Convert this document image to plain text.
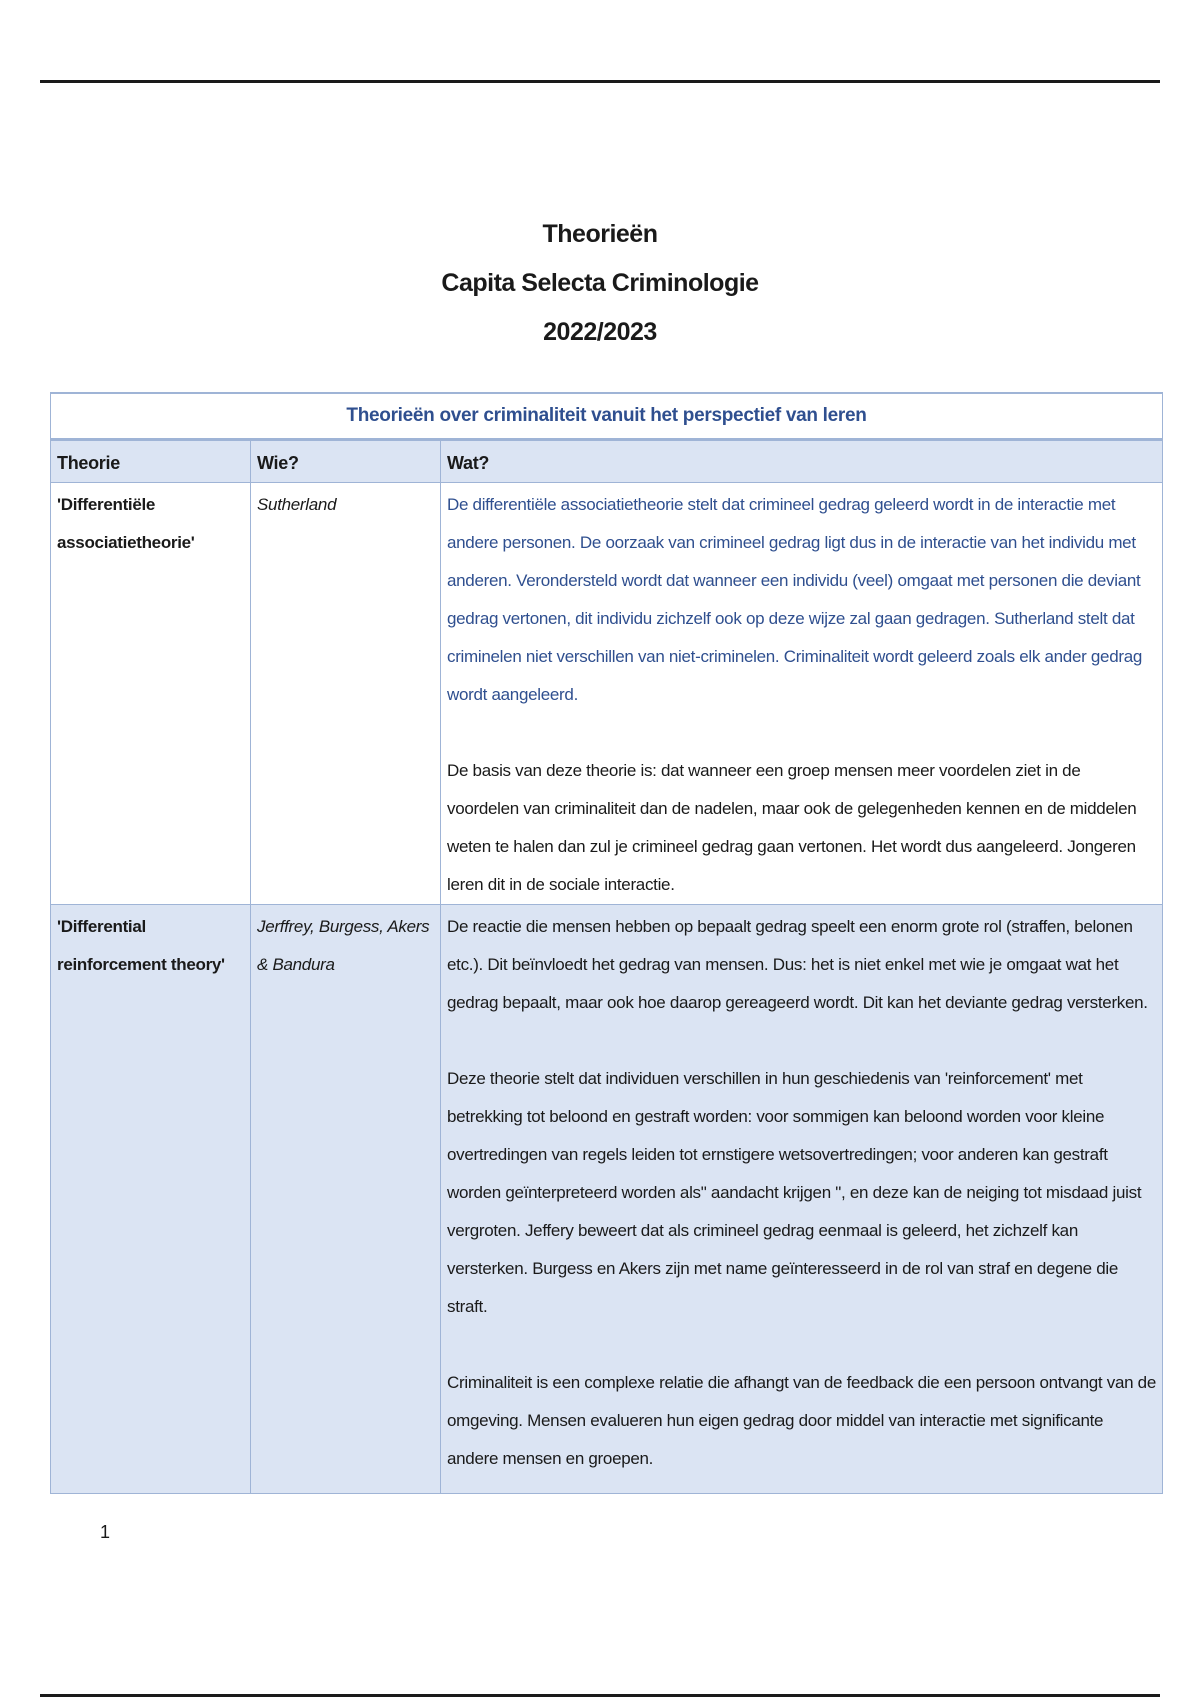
Theorieën
Capita Selecta Criminologie
2022/2023
Theorieën over criminaliteit vanuit het perspectief van leren		
Theorie	Wie?	Wat?
'Differentiële associatietheorie'	Sutherland	De differentiële associatietheorie stelt dat crimineel gedrag geleerd wordt in de interactie met andere personen. De oorzaak van crimineel gedrag ligt dus in de interactie van het individu met anderen. Verondersteld wordt dat wanneer een individu (veel) omgaat met personen die deviant gedrag vertonen, dit individu zichzelf ook op deze wijze zal gaan gedragen. Sutherland stelt dat criminelen niet verschillen van niet-criminelen. Criminaliteit wordt geleerd zoals elk ander gedrag wordt aangeleerd.

De basis van deze theorie is: dat wanneer een groep mensen meer voordelen ziet in de voordelen van criminaliteit dan de nadelen, maar ook de gelegenheden kennen en de middelen weten te halen dan zul je crimineel gedrag gaan vertonen. Het wordt dus aangeleerd. Jongeren leren dit in de sociale interactie.

'Differential reinforcement theory'	Jerffrey, Burgess, Akers & Bandura	De reactie die mensen hebben op bepaalt gedrag speelt een enorm grote rol (straffen, belonen etc.). Dit beïnvloedt het gedrag van mensen. Dus: het is niet enkel met wie je omgaat wat het gedrag bepaalt, maar ook hoe daarop gereageerd wordt. Dit kan het deviante gedrag versterken.

Deze theorie stelt dat individuen verschillen in hun geschiedenis van 'reinforcement' met betrekking tot beloond en gestraft worden: voor sommigen kan beloond worden voor kleine overtredingen van regels leiden tot ernstigere wetsovertredingen; voor anderen kan gestraft worden geïnterpreteerd worden als" aandacht krijgen ", en deze kan de neiging tot misdaad juist vergroten. Jeffery beweert dat als crimineel gedrag eenmaal is geleerd, het zichzelf kan versterken. Burgess en Akers zijn met name geïnteresseerd in de rol van straf en degene die straft.

Criminaliteit is een complexe relatie die afhangt van de feedback die een persoon ontvangt van de omgeving. Mensen evalueren hun eigen gedrag door middel van interactie met significante andere mensen en groepen.

1
